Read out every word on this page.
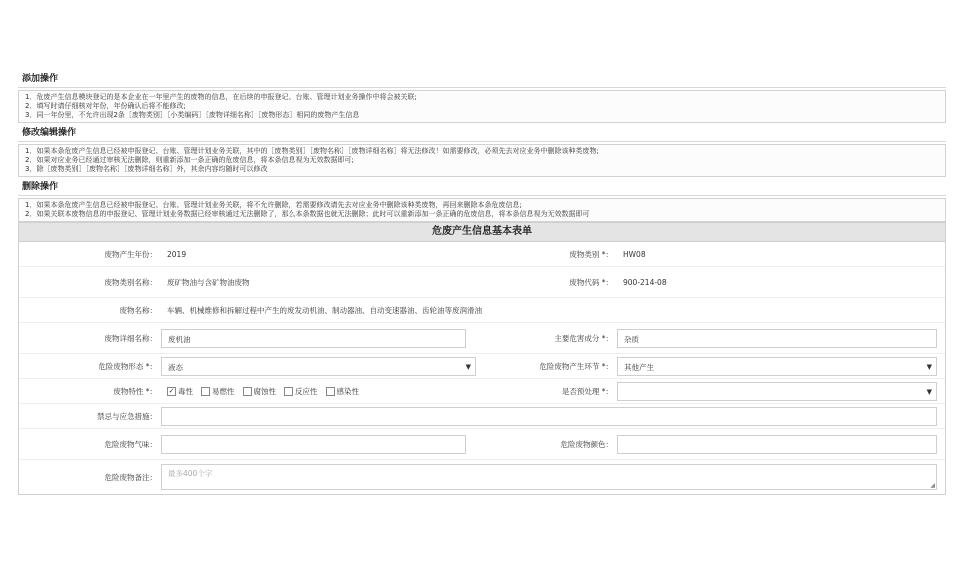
添加操作
1．危废产生信息模块登记的是本企业在一年里产生的废物的信息，在后续的申报登记、台账、管理计划业务操作中将会被关联;
2．填写时请仔细核对年份，年份确认后将不能修改;
3．同一年份里，不允许出现2条［废物类别］［小类编码］［废物详细名称］［废物形态］相同的废物产生信息
修改编辑操作
1．如果本条危废产生信息已经被申报登记、台账、管理计划业务关联，其中的［废物类别］［废物名称］［废物详细名称］将无法修改！如需要修改，必须先去对应业务中删除该种类废物;
2．如果对应业务已经通过审核无法删除，则重新添加一条正确的危废信息，将本条信息视为无效数据即可;
3．除［废物类别］［废物名称］［废物详细名称］外，其余内容均随时可以修改
删除操作
1．如果本条危废产生信息已经被申报登记、台账、管理计划业务关联，将不允许删除，若需要修改请先去对应业务中删除该种类废物，再回来删除本条危废信息;
2．如果关联本废物信息的申报登记、管理计划业务数据已经审核通过无法删除了，那么本条数据也就无法删除；此时可以重新添加一条正确的危废信息，将本条信息视为无效数据即可
危废产生信息基本表单
废物产生年份：	2019	废物类别 *：	HW08
废物类别名称：	废矿物油与含矿物油废物	废物代码 *：	900-214-08
废物名称：	车辆、机械维修和拆解过程中产生的废发动机油、制动器油、自动变速器油、齿轮油等废润滑油
废物详细名称：	废机油	主要危害成分 *：	杂质
危险废物形态 *：	液态	▼	危险废物产生环节 *：	其他产生	▼
废物特性 *：	✓ 毒性	易燃性	腐蚀性	反应性	感染性	是否预处理 *：	▼
禁忌与应急措施：
危险废物气味：	危险废物颜色：
危险废物备注：	最多400个字
◢
